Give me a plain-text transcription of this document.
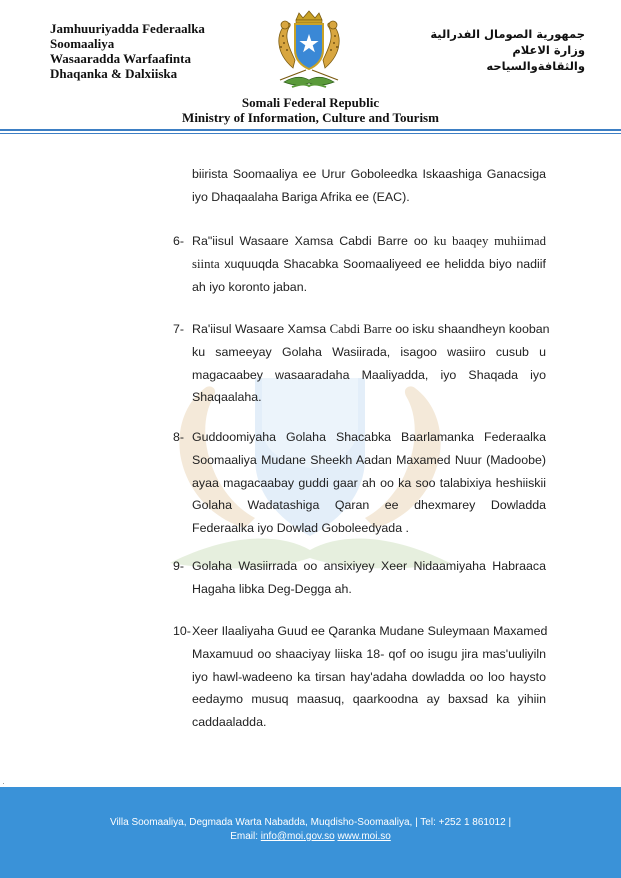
Jamhuuriyadda Federaalka
Soomaaliya
Wasaaradda Warfaafinta
Dhaqanka & Dalxiiska
جمهورية الصومال الفدرالية
وزارة الاعلام
والثقافةوالسياحه
Somali Federal Republic
Ministry of Information, Culture and Tourism
biirista Soomaaliya ee Urur Goboleedka Iskaashiga Ganacsiga
iyo Dhaqaalaha Bariga Afrika ee (EAC).
6- Ra"iisul Wasaare Xamsa Cabdi Barre oo ku baaqey muhiimad
siinta xuquuqda Shacabka Soomaaliyeed ee helidda biyo nadiif
ah iyo koronto jaban.
7- Ra'iisul Wasaare Xamsa Cabdi Barre oo isku shaandheyn kooban
ku sameeyay Golaha Wasiirada, isagoo wasiiro cusub u
magacaabey wasaaradaha Maaliyadda, iyo Shaqada iyo
Shaqaalaha.
8- Guddoomiyaha Golaha Shacabka Baarlamanka Federaalka
Soomaaliya Mudane Sheekh Aadan Maxamed Nuur (Madoobe)
ayaa magacaabay guddi gaar ah oo ka soo talabixiya heshiiskii
Golaha Wadatashiga Qaran ee dhexmarey Dowladda
Federaalka iyo Dowlad Goboleedyada .
9- Golaha Wasiirrada oo ansixiyey Xeer Nidaamiyaha Habraaca
Hagaha libka Deg-Degga ah.
10- Xeer Ilaaliyaha Guud ee Qaranka Mudane Suleymaan Maxamed
Maxamuud oo shaaciyay liiska 18- qof oo isugu jira mas'uuliyiln
iyo hawl-wadeeno ka tirsan hay'adaha dowladda oo loo haysto
eedaymo musuq maasuq, qaarkoodna ay baxsad ka yihiin
caddaaladda.
Villa Soomaaliya, Degmada Warta Nabadda, Muqdisho-Soomaaliya, | Tel: +252 1 861012 |
Email: info@moi.gov.so www.moi.so
